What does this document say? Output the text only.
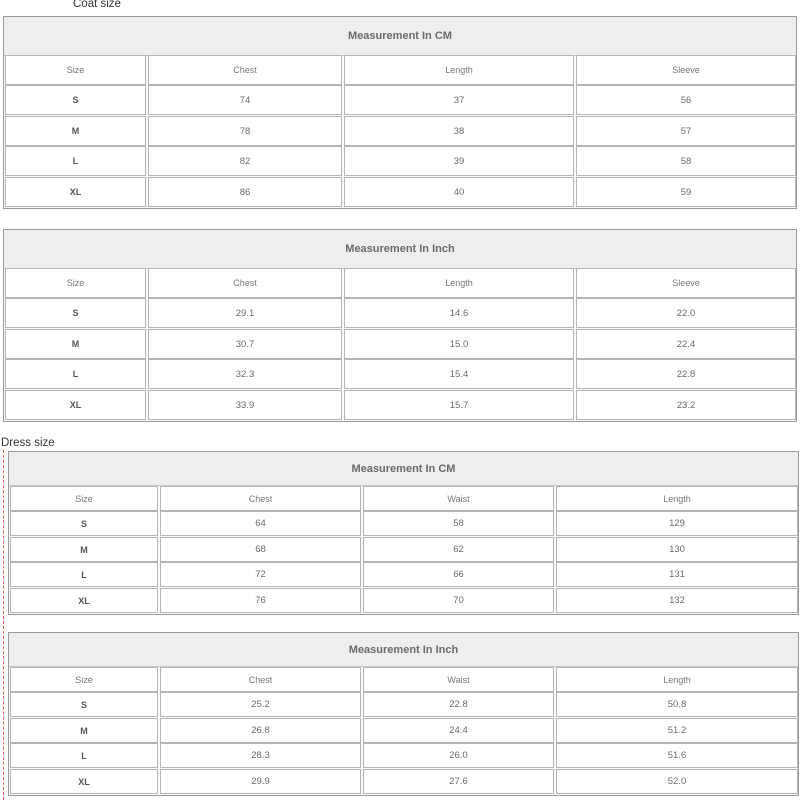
Coat size
Dress size
Measurement In CM
Size	Chest	Length	Sleeve
S	74	37	56
M	78	38	57
L	82	39	58
XL	86	40	59
Measurement In Inch
Size	Chest	Length	Sleeve
S	29.1	14.6	22.0
M	30.7	15.0	22.4
L	32.3	15.4	22.8
XL	33.9	15.7	23.2
Measurement In CM
Size	Chest	Waist	Length
S	64	58	129
M	68	62	130
L	72	66	131
XL	76	70	132
Measurement In Inch
Size	Chest	Waist	Length
S	25.2	22.8	50.8
M	26.8	24.4	51.2
L	28.3	26.0	51.6
XL	29.9	27.6	52.0
